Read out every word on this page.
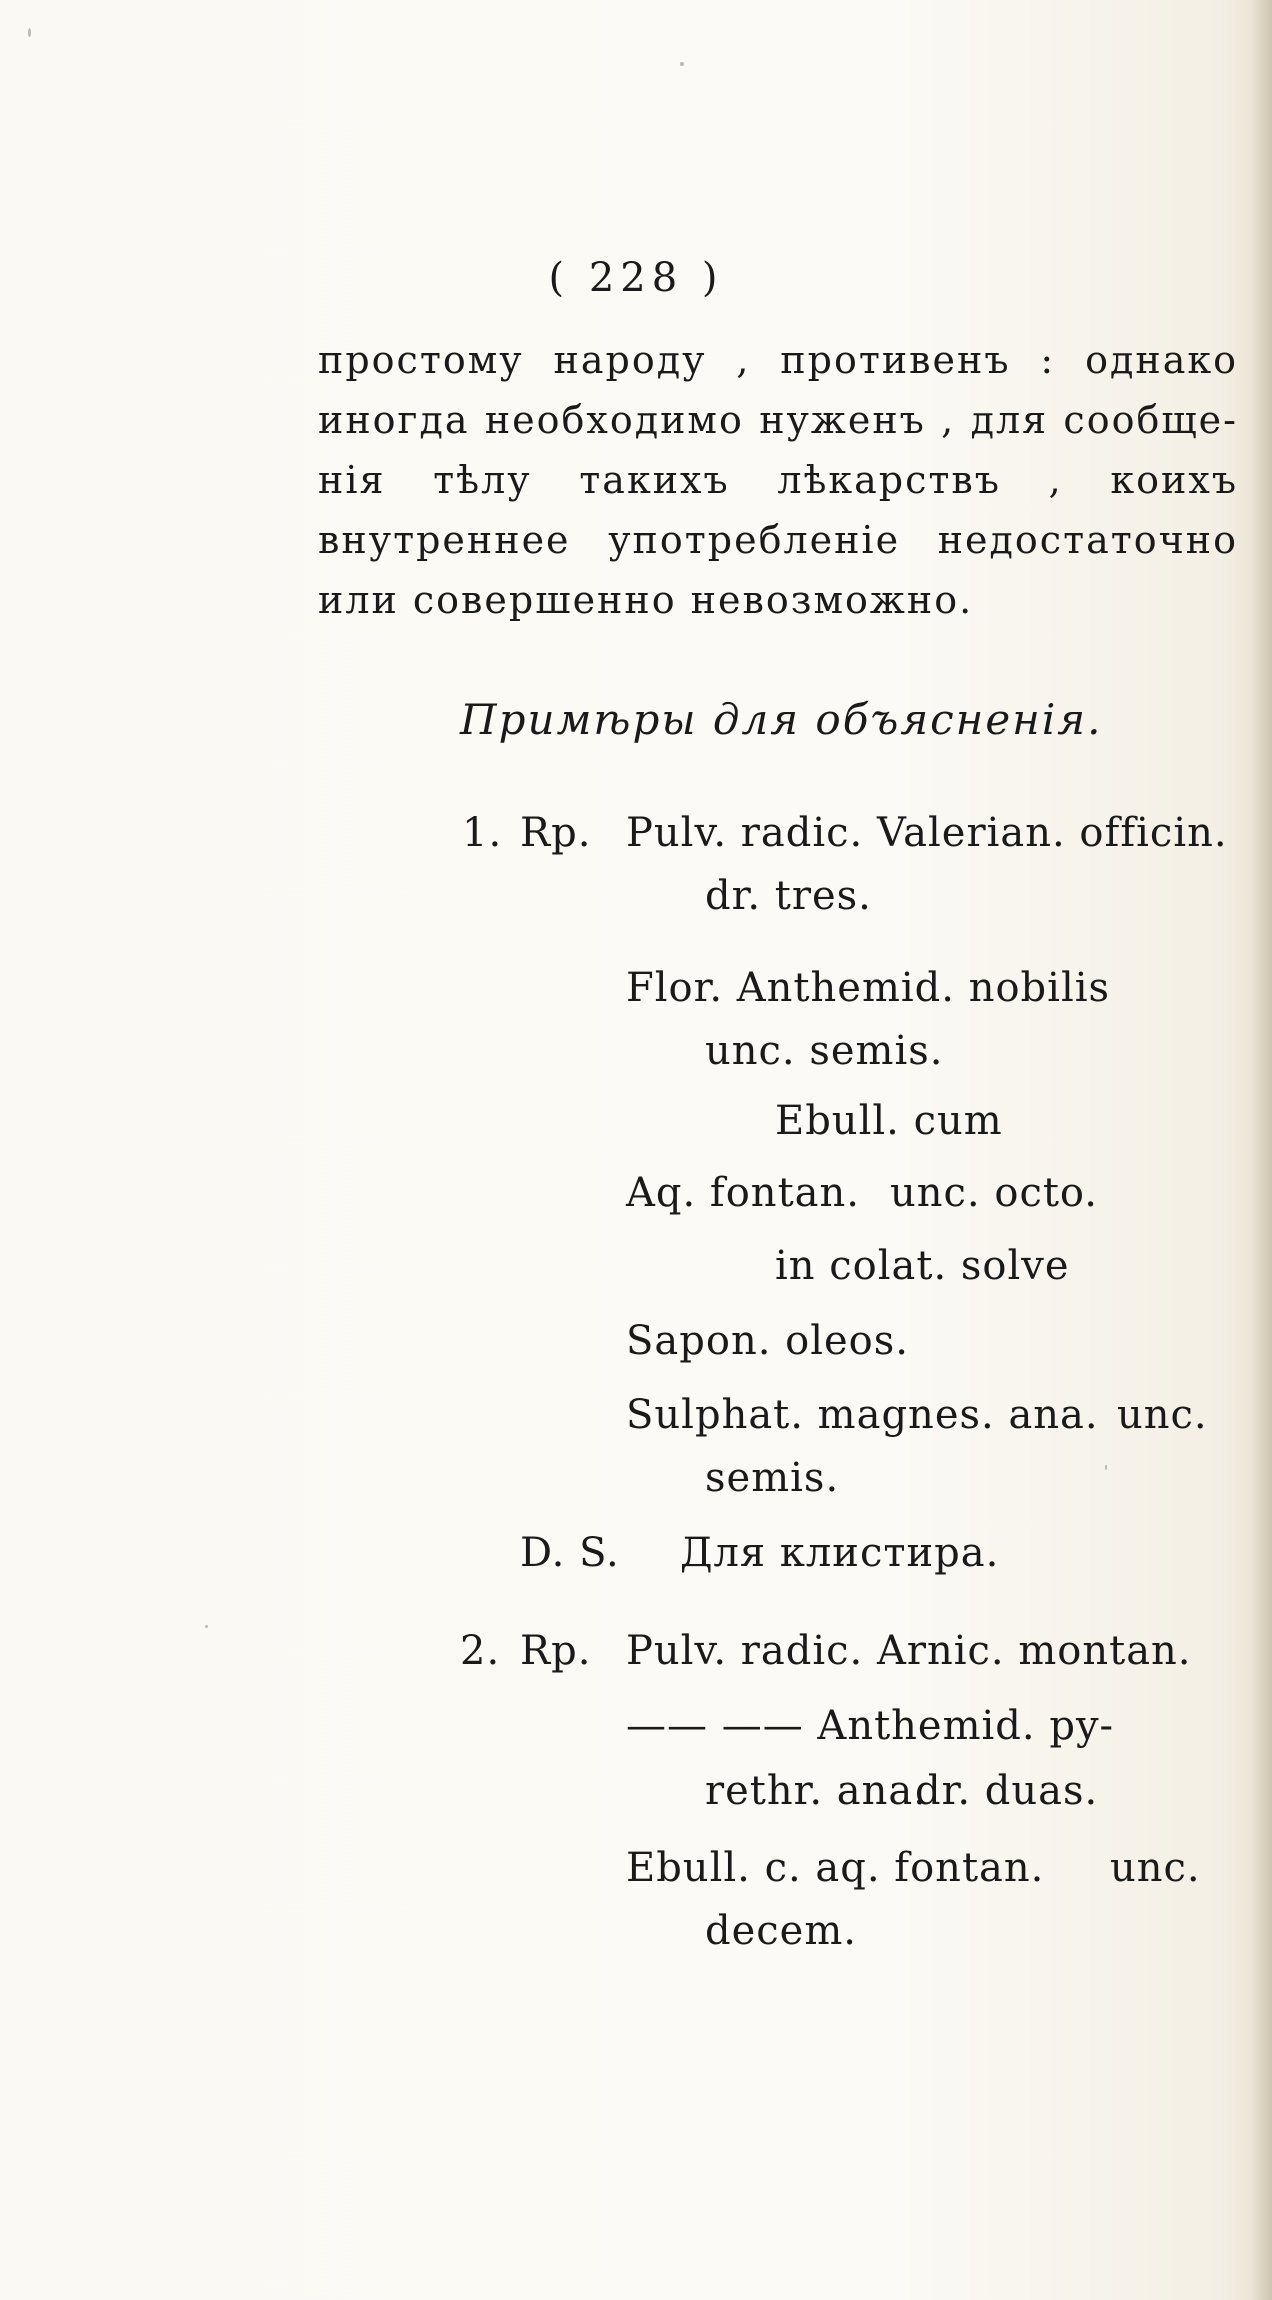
( 228 )
простому народу , противенъ : однако
иногда необходимо нуженъ , для сообще-
нія тѣлу такихъ лѣкарствъ , коихъ
внутреннее употребленіе недостаточно
или совершенно невозможно.
Примѣры для объясненія.
1. Rp. Pulv. radic. Valerian. officin.
dr. tres.
Flor. Anthemid. nobilis
unc. semis.
Ebull. cum
Aq. fontan. unc. octo.
in colat. solve
Sapon. oleos.
Sulphat. magnes. ana. unc.
semis.
D. S. Для клистира.
2. Rp. Pulv. radic. Arnic. montan.
—— —— Anthemid. py-
rethr. ana.
dr. duas.
Ebull. c. aq. fontan. unc.
decem.
